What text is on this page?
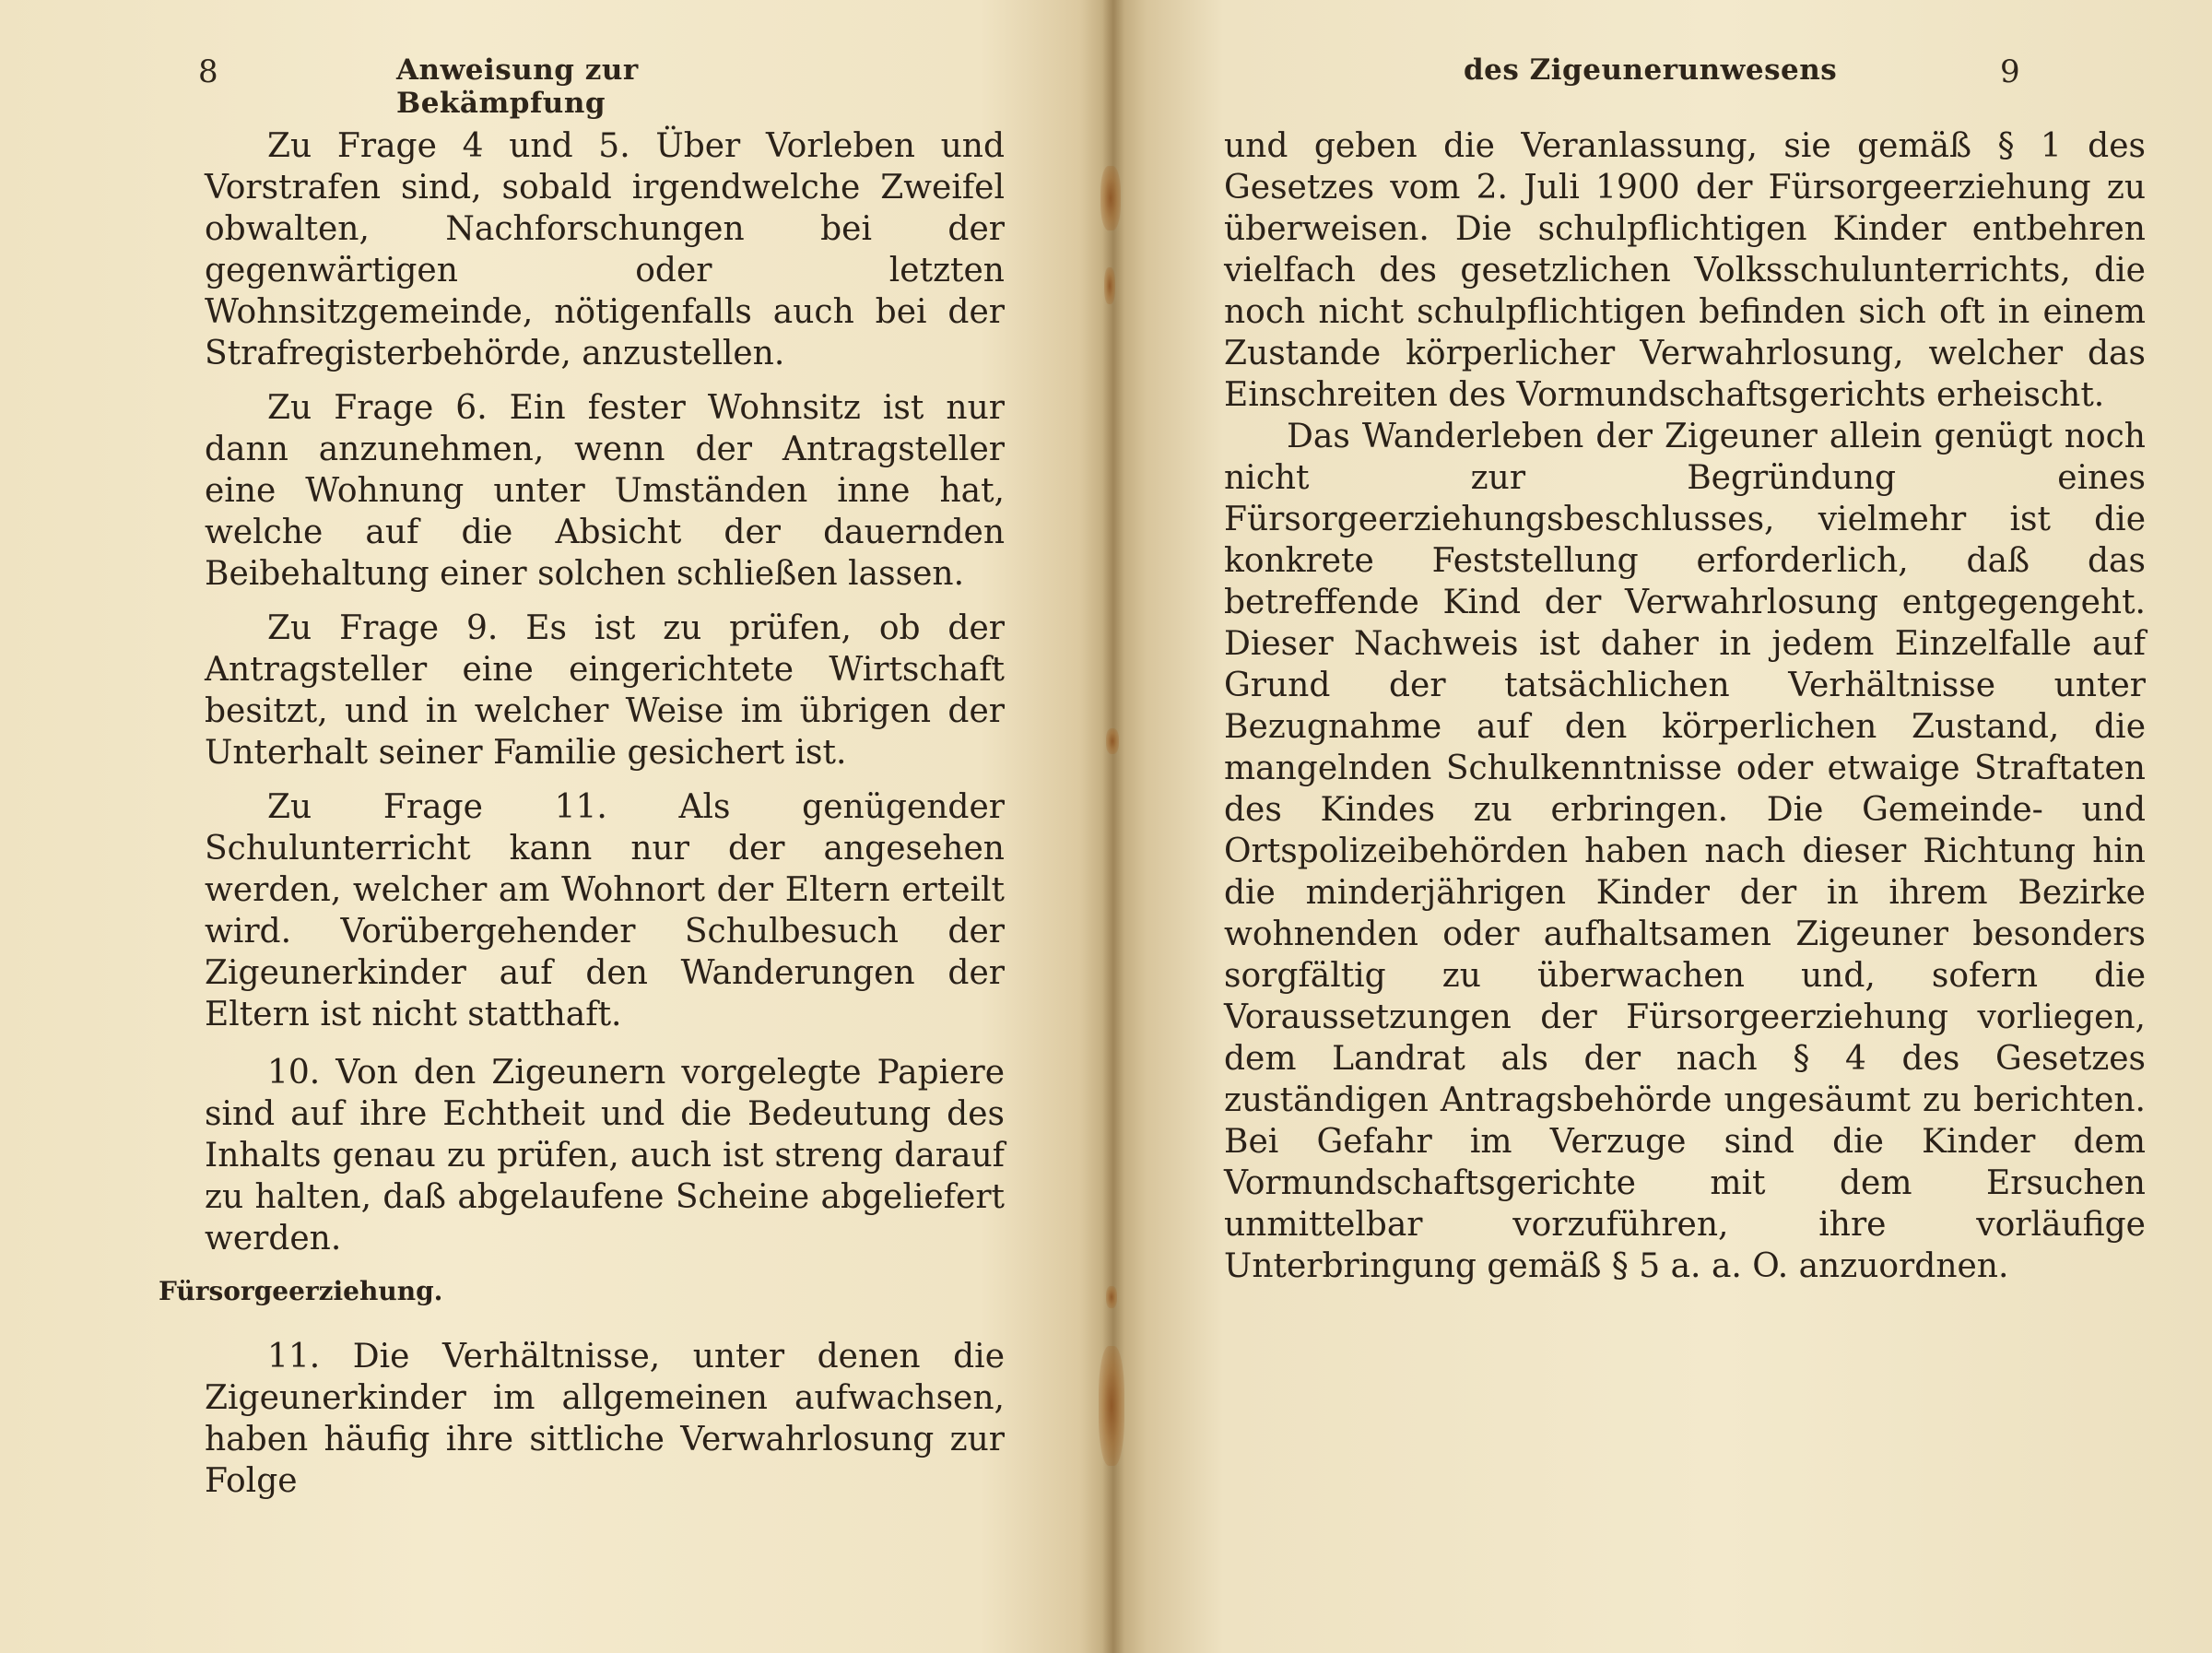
8	Anweisung zur Bekämpfung

Zu Frage 4 und 5. Über Vorleben und Vorstrafen sind, sobald irgendwelche Zweifel obwalten, Nachforschungen bei der gegenwärtigen oder letzten Wohnsitzgemeinde, nötigenfalls auch bei der Strafregisterbehörde, anzustellen.

Zu Frage 6. Ein fester Wohnsitz ist nur dann anzunehmen, wenn der Antragsteller eine Wohnung unter Umständen inne hat, welche auf die Absicht der dauernden Beibehaltung einer solchen schließen lassen.

Zu Frage 9. Es ist zu prüfen, ob der Antragsteller eine eingerichtete Wirtschaft besitzt, und in welcher Weise im übrigen der Unterhalt seiner Familie gesichert ist.

Zu Frage 11. Als genügender Schulunterricht kann nur der angesehen werden, welcher am Wohnort der Eltern erteilt wird. Vorübergehender Schulbesuch der Zigeunerkinder auf den Wanderungen der Eltern ist nicht statthaft.

10. Von den Zigeunern vorgelegte Papiere sind auf ihre Echtheit und die Bedeutung des Inhalts genau zu prüfen, auch ist streng darauf zu halten, daß abgelaufene Scheine abgeliefert werden.

Fürsorgeerziehung.

11. Die Verhältnisse, unter denen die Zigeunerkinder im allgemeinen aufwachsen, haben häufig ihre sittliche Verwahrlosung zur Folge

des Zigeunerunwesens	9

und geben die Veranlassung, sie gemäß § 1 des Gesetzes vom 2. Juli 1900 der Fürsorgeerziehung zu überweisen. Die schulpflichtigen Kinder entbehren vielfach des gesetzlichen Volksschulunterrichts, die noch nicht schulpflichtigen befinden sich oft in einem Zustande körperlicher Verwahrlosung, welcher das Einschreiten des Vormundschaftsgerichts erheischt.

Das Wanderleben der Zigeuner allein genügt noch nicht zur Begründung eines Fürsorgeerziehungsbeschlusses, vielmehr ist die konkrete Feststellung erforderlich, daß das betreffende Kind der Verwahrlosung entgegengeht. Dieser Nachweis ist daher in jedem Einzelfalle auf Grund der tatsächlichen Verhältnisse unter Bezugnahme auf den körperlichen Zustand, die mangelnden Schulkenntnisse oder etwaige Straftaten des Kindes zu erbringen. Die Gemeinde- und Ortspolizeibehörden haben nach dieser Richtung hin die minderjährigen Kinder der in ihrem Bezirke wohnenden oder aufhaltsamen Zigeuner besonders sorgfältig zu überwachen und, sofern die Voraussetzungen der Fürsorgeerziehung vorliegen, dem Landrat als der nach § 4 des Gesetzes zuständigen Antragsbehörde ungesäumt zu berichten. Bei Gefahr im Verzuge sind die Kinder dem Vormundschaftsgerichte mit dem Ersuchen unmittelbar vorzuführen, ihre vorläufige Unterbringung gemäß § 5 a. a. O. anzuordnen.
